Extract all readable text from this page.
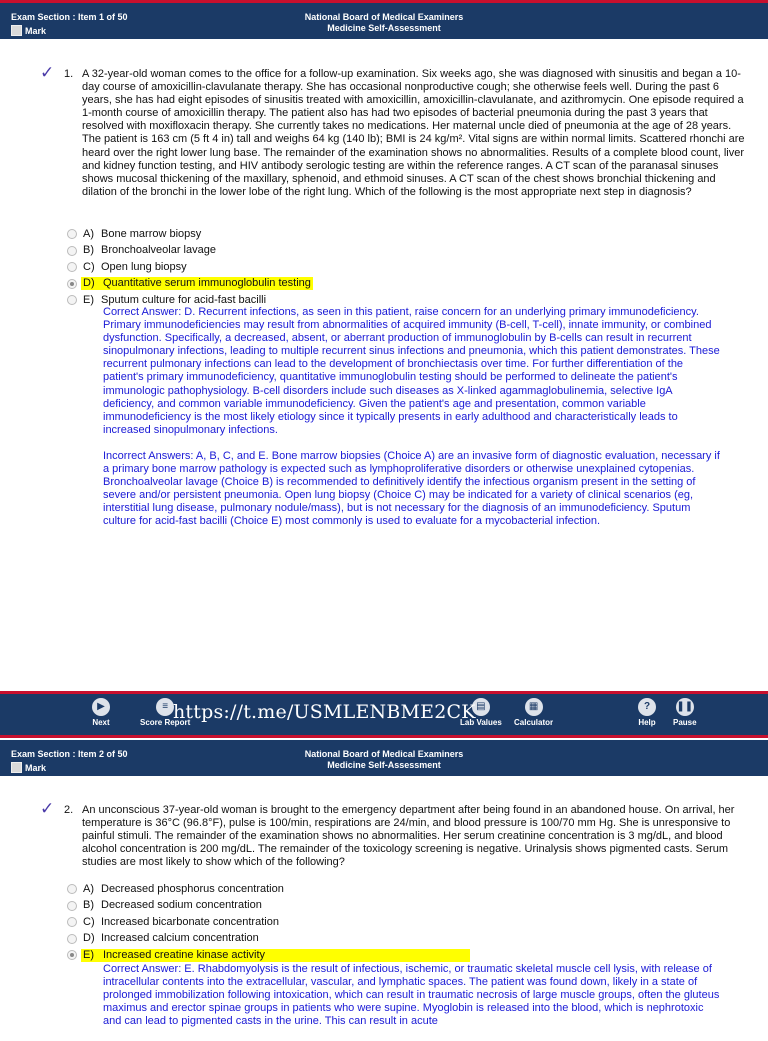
Exam Section : Item 1 of 50
Mark
National Board of Medical Examiners
Medicine Self-Assessment
✓ 1. A 32-year-old woman comes to the office for a follow-up examination. Six weeks ago, she was diagnosed with sinusitis and began a 10-day course of amoxicillin-clavulanate therapy. She has occasional nonproductive cough; she otherwise feels well. During the past 6 years, she has had eight episodes of sinusitis treated with amoxicillin, amoxicillin-clavulanate, and azithromycin. One episode required a 1-month course of amoxicillin therapy. The patient also has had two episodes of bacterial pneumonia during the past 3 years that resolved with moxifloxacin therapy. She currently takes no medications. Her maternal uncle died of pneumonia at the age of 28 years. The patient is 163 cm (5 ft 4 in) tall and weighs 64 kg (140 lb); BMI is 24 kg/m². Vital signs are within normal limits. Scattered rhonchi are heard over the right lower lung base. The remainder of the examination shows no abnormalities. Results of a complete blood count, liver and kidney function testing, and HIV antibody serologic testing are within the reference ranges. A CT scan of the paranasal sinuses shows mucosal thickening of the maxillary, sphenoid, and ethmoid sinuses. A CT scan of the chest shows bronchial thickening and dilation of the bronchi in the lower lobe of the right lung. Which of the following is the most appropriate next step in diagnosis?
A) Bone marrow biopsy
B) Bronchoalveolar lavage
C) Open lung biopsy
D) Quantitative serum immunoglobulin testing
E) Sputum culture for acid-fast bacilli

Correct Answer: D. Recurrent infections, as seen in this patient, raise concern for an underlying primary immunodeficiency. Primary immunodeficiencies may result from abnormalities of acquired immunity (B-cell, T-cell), innate immunity, or combined dysfunction. Specifically, a decreased, absent, or aberrant production of immunoglobulin by B-cells can result in recurrent sinopulmonary infections, leading to multiple recurrent sinus infections and pneumonia, which this patient demonstrates. These recurrent pulmonary infections can lead to the development of bronchiectasis over time. For further differentiation of the patient's primary immunodeficiency, quantitative immunoglobulin testing should be performed to delineate the patient's immunologic pathophysiology. B-cell disorders include such diseases as X-linked agammaglobulinemia, selective IgA deficiency, and common variable immunodeficiency. Given the patient's age and presentation, common variable immunodeficiency is the most likely etiology since it typically presents in early adulthood and characteristically leads to increased sinopulmonary infections.

Incorrect Answers: A, B, C, and E. Bone marrow biopsies (Choice A) are an invasive form of diagnostic evaluation, necessary if a primary bone marrow pathology is expected such as lymphoproliferative disorders or otherwise unexplained cytopenias. Bronchoalveolar lavage (Choice B) is recommended to definitively identify the infectious organism present in the setting of severe and/or persistent pneumonia. Open lung biopsy (Choice C) may be indicated for a variety of clinical scenarios (eg, interstitial lung disease, pulmonary nodule/mass), but is not necessary for the diagnosis of an immunodeficiency. Sputum culture for acid-fast bacilli (Choice E) most commonly is used to evaluate for a mycobacterial infection.

▶
Next
≡
Score Report
▤
Lab Values
▦
Calculator
?
Help
❚❚
Pause
https://t.me/USMLENBME2CK
Exam Section : Item 2 of 50
Mark
National Board of Medical Examiners
Medicine Self-Assessment
✓ 2. An unconscious 37-year-old woman is brought to the emergency department after being found in an abandoned house. On arrival, her temperature is 36°C (96.8°F), pulse is 100/min, respirations are 24/min, and blood pressure is 100/70 mm Hg. She is unresponsive to painful stimuli. The remainder of the examination shows no abnormalities. Her serum creatinine concentration is 3 mg/dL, and blood alcohol concentration is 200 mg/dL. The remainder of the toxicology screening is negative. Urinalysis shows pigmented casts. Serum studies are most likely to show which of the following?
A) Decreased phosphorus concentration
B) Decreased sodium concentration
C) Increased bicarbonate concentration
D) Increased calcium concentration
E) Increased creatine kinase activity

Correct Answer: E. Rhabdomyolysis is the result of infectious, ischemic, or traumatic skeletal muscle cell lysis, with release of intracellular contents into the extracellular, vascular, and lymphatic spaces. The patient was found down, likely in a state of prolonged immobilization following intoxication, which can result in traumatic necrosis of large muscle groups, often the gluteus maximus and erector spinae groups in patients who were supine. Myoglobin is released into the blood, which is nephrotoxic and can lead to pigmented casts in the urine. This can result in acute
